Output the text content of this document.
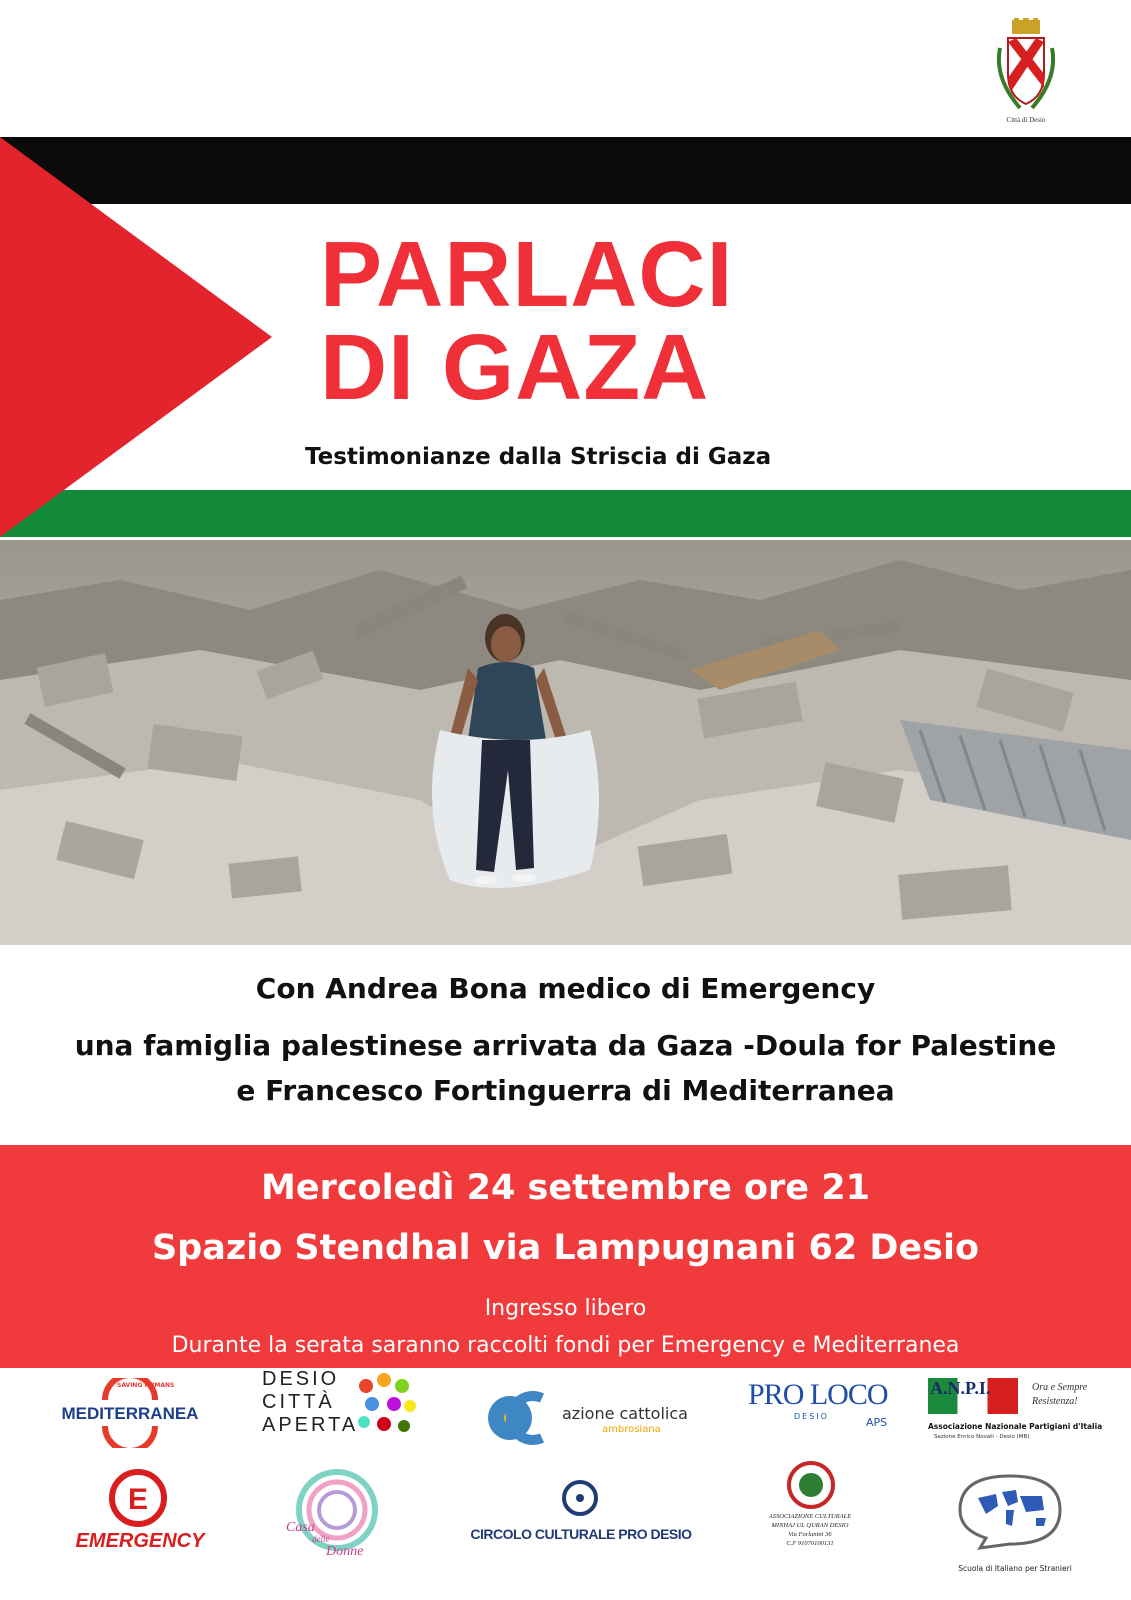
Città di Desio
PARLACI
DI GAZA
Testimonianze dalla Striscia di Gaza
Con Andrea Bona medico di Emergency
una famiglia palestinese arrivata da Gaza -Doula for Palestine
e Francesco Fortinguerra di Mediterranea
Mercoledì 24 settembre ore 21
Spazio Stendhal via Lampugnani 62 Desio
Ingresso libero
Durante la serata saranno raccolti fondi per Emergency e Mediterranea
SAVING HUMANS
MEDITERRANEA
DESIO
CITTÀ
APERTA
azione cattolica
ambrosiana
PRO LOCO
DESIO	APS
A.N.P.I.	Ora e Sempre
Resistenza!
Associazione Nazionale Partigiani d'Italia
Sezione Enrico Novati - Desio (MB)
E
EMERGENCY
Casa
delle
Donne
CIRCOLO CULTURALE PRO DESIO
ASSOCIAZIONE CULTURALE
MINHAJ UL QURAN DESIO
Via Forlanini 36
C.F 91070100131
Scuola di Italiano per Stranieri
